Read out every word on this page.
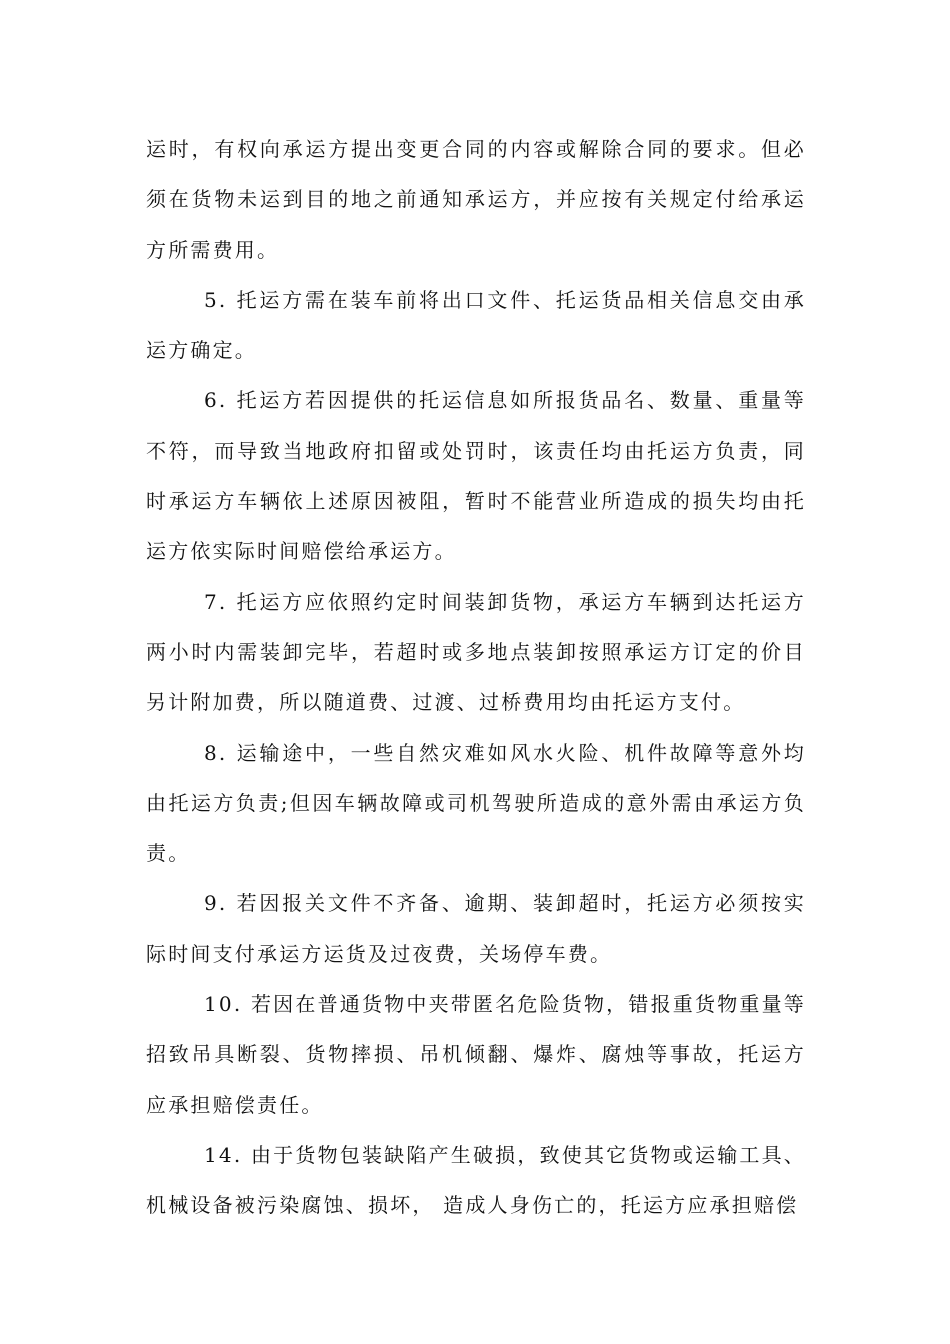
运时，有权向承运方提出变更合同的内容或解除合同的要求。但必须在货物未运到目的地之前通知承运方，并应按有关规定付给承运方所需费用。

5. 托运方需在装车前将出口文件、托运货品相关信息交由承运方确定。

6. 托运方若因提供的托运信息如所报货品名、数量、重量等不符，而导致当地政府扣留或处罚时，该责任均由托运方负责，同时承运方车辆依上述原因被阻，暂时不能营业所造成的损失均由托运方依实际时间赔偿给承运方。

7. 托运方应依照约定时间装卸货物，承运方车辆到达托运方两小时内需装卸完毕，若超时或多地点装卸按照承运方订定的价目另计附加费，所以随道费、过渡、过桥费用均由托运方支付。

8. 运输途中，一些自然灾难如风水火险、机件故障等意外均由托运方负责;但因车辆故障或司机驾驶所造成的意外需由承运方负责。

9. 若因报关文件不齐备、逾期、装卸超时，托运方必须按实际时间支付承运方运货及过夜费，关场停车费。

10. 若因在普通货物中夹带匿名危险货物，错报重货物重量等招致吊具断裂、货物摔损、吊机倾翻、爆炸、腐烛等事故，托运方应承担赔偿责任。

14. 由于货物包装缺陷产生破损，致使其它货物或运输工具、机械设备被污染腐蚀、损坏， 造成人身伤亡的，托运方应承担赔偿
